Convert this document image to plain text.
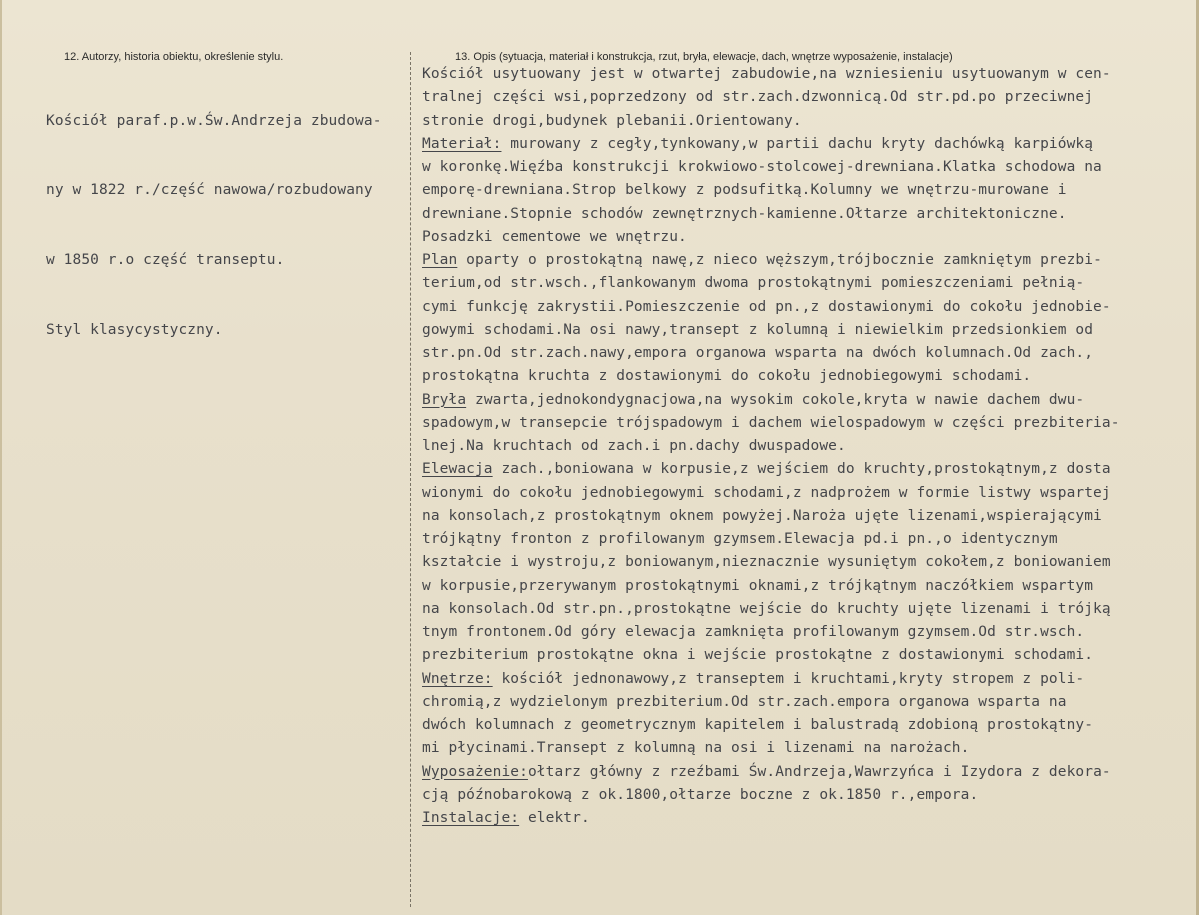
12. Autorzy, historia obiektu, określenie stylu.	13. Opis (sytuacja, materiał i konstrukcja, rzut, bryła, elewacje, dach, wnętrze wyposażenie, instalacje)

Kościół paraf.p.w.Św.Andrzeja zbudowa-

ny w 1822 r./część nawowa/rozbudowany

w 1850 r.o część transeptu.

Styl klasycystyczny.

Kościół usytuowany jest w otwartej zabudowie,na wzniesieniu usytuowanym w cen-
tralnej części wsi,poprzedzony od str.zach.dzwonnicą.Od str.pd.po przeciwnej
stronie drogi,budynek plebanii.Orientowany.
Materiał: murowany z cegły,tynkowany,w partii dachu kryty dachówką karpiówką
w koronkę.Więźba konstrukcji krokwiowo-stolcowej-drewniana.Klatka schodowa na
emporę-drewniana.Strop belkowy z podsufitką.Kolumny we wnętrzu-murowane i
drewniane.Stopnie schodów zewnętrznych-kamienne.Ołtarze architektoniczne.
Posadzki cementowe we wnętrzu.
Plan oparty o prostokątną nawę,z nieco węższym,trójbocznie zamkniętym prezbi-
terium,od str.wsch.,flankowanym dwoma prostokątnymi pomieszczeniami pełnią-
cymi funkcję zakrystii.Pomieszczenie od pn.,z dostawionymi do cokołu jednobie-
gowymi schodami.Na osi nawy,transept z kolumną i niewielkim przedsionkiem od
str.pn.Od str.zach.nawy,empora organowa wsparta na dwóch kolumnach.Od zach.,
prostokątna kruchta z dostawionymi do cokołu jednobiegowymi schodami.
Bryła zwarta,jednokondygnacjowa,na wysokim cokole,kryta w nawie dachem dwu-
spadowym,w transepcie trójspadowym i dachem wielospadowym w części prezbiteria-
lnej.Na kruchtach od zach.i pn.dachy dwuspadowe.
Elewacja zach.,boniowana w korpusie,z wejściem do kruchty,prostokątnym,z dosta
wionymi do cokołu jednobiegowymi schodami,z nadprożem w formie listwy wspartej
na konsolach,z prostokątnym oknem powyżej.Naroża ujęte lizenami,wspierającymi
trójkątny fronton z profilowanym gzymsem.Elewacja pd.i pn.,o identycznym
kształcie i wystroju,z boniowanym,nieznacznie wysuniętym cokołem,z boniowaniem
w korpusie,przerywanym prostokątnymi oknami,z trójkątnym naczółkiem wspartym
na konsolach.Od str.pn.,prostokątne wejście do kruchty ujęte lizenami i trójką
tnym frontonem.Od góry elewacja zamknięta profilowanym gzymsem.Od str.wsch.
prezbiterium prostokątne okna i wejście prostokątne z dostawionymi schodami.
Wnętrze: kościół jednonawowy,z transeptem i kruchtami,kryty stropem z poli-
chromią,z wydzielonym prezbiterium.Od str.zach.empora organowa wsparta na
dwóch kolumnach z geometrycznym kapitelem i balustradą zdobioną prostokątny-
mi płycinami.Transept z kolumną na osi i lizenami na narożach.
Wyposażenie:ołtarz główny z rzeźbami Św.Andrzeja,Wawrzyńca i Izydora z dekora-
cją późnobarokową z ok.1800,ołtarze boczne z ok.1850 r.,empora.
Instalacje: elektr.
